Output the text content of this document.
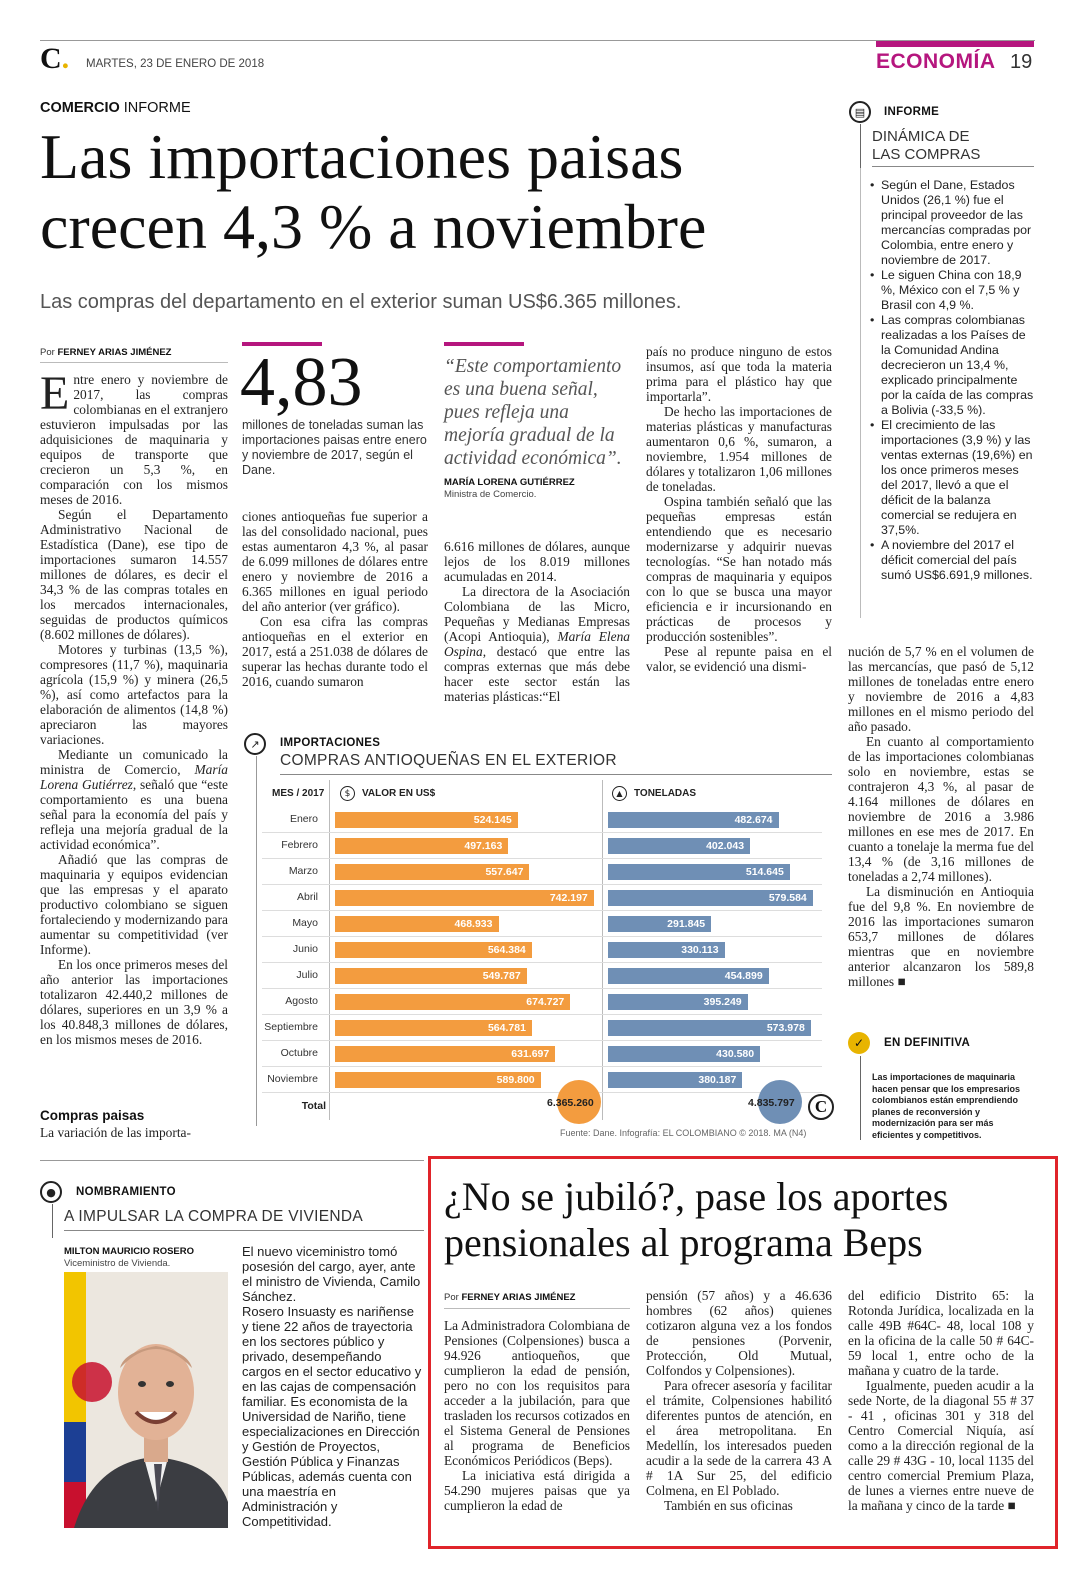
C. MARTES, 23 DE ENERO DE 2018	ECONOMÍA 19
COMERCIO INFORME
Las importaciones paisas
crecen 4,3 % a noviembre
Las compras del departamento en el exterior suman US$6.365 millones.
▤	INFORME
DINÁMICA DE
LAS COMPRAS
• Según el Dane, Estados Unidos (26,1 %) fue el principal proveedor de las mercancías compradas por Colombia, entre enero y noviembre de 2017.
• Le siguen China con 18,9 %, México con el 7,5 % y Brasil con 4,9 %.
• Las compras colombianas realizadas a los Países de la Comunidad Andina decrecieron un 13,4 %, explicado principalmente por la caída de las compras a Bolivia (-33,5 %).
• El crecimiento de las importaciones (3,9 %) y las ventas externas (19,6%) en los once primeros meses del 2017, llevó a que el déficit de la balanza comercial se redujera en 37,5%.
• A noviembre del 2017 el déficit comercial del país sumó US$6.691,9 millones.
Por FERNEY ARIAS JIMÉNEZ

Entre enero y noviembre de 2017, las compras colombianas en el extranjero estuvieron impulsadas por las adquisiciones de maquinaria y equipos de transporte que crecieron un 5,3 %, en comparación con los mismos meses de 2016.

Según el Departamento Administrativo Nacional de Estadística (Dane), ese tipo de importaciones sumaron 14.557 millones de dólares, es decir el 34,3 % de las compras totales en los mercados internacionales, seguidas de productos químicos (8.602 millones de dólares).

Motores y turbinas (13,5 %), compresores (11,7 %), maquinaria agrícola (15,9 %) y minera (26,5 %), así como artefactos para la elaboración de alimentos (14,8 %) apreciaron las mayores variaciones.

Mediante un comunicado la ministra de Comercio, María Lorena Gutiérrez, señaló que “este comportamiento es una buena señal para la economía del país y refleja una mejoría gradual de la actividad económica”.

Añadió que las compras de maquinaria y equipos evidencian que las empresas y el aparato productivo colombiano se siguen fortaleciendo y modernizando para aumentar su competitividad (ver Informe).

En los once primeros meses del año anterior las importaciones totalizaron 42.440,2 millones de dólares, superiores en un 3,9 % a los 40.848,3 millones de dólares, en los mismos meses de 2016.

Compras paisas
La variación de las importa-
4,83
millones de toneladas suman las importaciones paisas entre enero y noviembre de 2017, según el Dane.

ciones antioqueñas fue superior a las del consolidado nacional, pues estas aumentaron 4,3 %, al pasar de 6.099 millones de dólares entre enero y noviembre de 2016 a 6.365 millones en igual periodo del año anterior (ver gráfico).

Con esa cifra las compras antioqueñas en el exterior en 2017, está a 251.038 de dólares de superar las hechas durante todo el 2016, cuando sumaron

“Este comportamiento es una buena señal, pues refleja una mejoría gradual de la actividad económica”.
MARÍA LORENA GUTIÉRREZ
Ministra de Comercio.

6.616 millones de dólares, aunque lejos de los 8.019 millones acumuladas en 2014.

La directora de la Asociación Colombiana de las Micro, Pequeñas y Medianas Empresas (Acopi Antioquia), María Elena Ospina, destacó que entre las compras externas que más debe hacer este sector están las materias plásticas:“El

país no produce ninguno de estos insumos, así que toda la materia prima para el plástico hay que importarla”.

De hecho las importaciones de materias plásticas y manufacturas aumentaron 0,6 %, sumaron, a noviembre, 1.954 millones de dólares y totalizaron 1,06 millones de toneladas.

Ospina también señaló que las pequeñas empresas están entendiendo que es necesario modernizarse y adquirir nuevas tecnologías. “Se han notado más compras de maquinaria y equipos con lo que se busca una mayor eficiencia e ir incursionando en prácticas de procesos y producción sostenibles”.

Pese al repunte paisa en el valor, se evidenció una dismi-

nución de 5,7 % en el volumen de las mercancías, que pasó de 5,12 millones de toneladas entre enero y noviembre de 2016 a 4,83 millones en el mismo periodo del año pasado.

En cuanto al comportamiento de las importaciones colombianas solo en noviembre, estas se contrajeron 4,3 %, al pasar de 4.164 millones de dólares en noviembre de 2016 a 3.986 millones en ese mes de 2017. En cuanto a tonelaje la merma fue del 13,4 % (de 3,16 millones de toneladas a 2,74 millones).

La disminución en Antioquia fue del 9,8 %. En noviembre de 2016 las importaciones sumaron 653,7 millones de dólares mientras que en noviembre anterior alcanzaron los 589,8 millones ■

✓	EN DEFINITIVA
Las importaciones de maquinaria hacen pensar que los empresarios colombianos están emprendiendo planes de reconversión y modernización para ser más eficientes y competitivos.
↗	IMPORTACIONES
COMPRAS ANTIOQUEÑAS EN EL EXTERIOR
MES / 2017	$	VALOR EN US$	▲	TONELADAS
Enero	524.145	482.674
Febrero	497.163	402.043
Marzo	557.647	514.645
Abril	742.197	579.584
Mayo	468.933	291.845
Junio	564.384	330.113
Julio	549.787	454.899
Agosto	674.727	395.249
Septiembre	564.781	573.978
Octubre	631.697	430.580
Noviembre	589.800	380.187
Total	6.365.260	4.835.797	C
Fuente: Dane. Infografía: EL COLOMBIANO © 2018. MA (N4)
●	NOMBRAMIENTO
A IMPULSAR LA COMPRA DE VIVIENDA
MILTON MAURICIO ROSERO
Viceministro de Vivienda.
El nuevo viceministro tomó posesión del cargo, ayer, ante el ministro de Vivienda, Camilo Sánchez.
Rosero Insuasty es nariñense y tiene 22 años de trayectoria en los sectores público y privado, desempeñando cargos en el sector educativo y en las cajas de compensación familiar. Es economista de la Universidad de Nariño, tiene especializaciones en Dirección y Gestión de Proyectos, Gestión Pública y Finanzas Públicas, además cuenta con una maestría en Administración y Competitividad.
¿No se jubiló?, pase los aportes
pensionales al programa Beps
Por FERNEY ARIAS JIMÉNEZ

La Administradora Colombiana de Pensiones (Colpensiones) busca a 94.926 antioqueños, que cumplieron la edad de pensión, pero no con los requisitos para acceder a la jubilación, para que trasladen los recursos cotizados en el Sistema General de Pensiones al programa de Beneficios Económicos Periódicos (Beps).

La iniciativa está dirigida a 54.290 mujeres paisas que ya cumplieron la edad de

pensión (57 años) y a 46.636 hombres (62 años) quienes cotizaron alguna vez a los fondos de pensiones (Porvenir, Protección, Old Mutual, Colfondos y Colpensiones).

Para ofrecer asesoría y facilitar el trámite, Colpensiones habilitó diferentes puntos de atención, en el área metropolitana. En Medellín, los interesados pueden acudir a la sede de la carrera 43 A # 1A Sur 25, del edificio Colmena, en El Poblado.

También en sus oficinas

del edificio Distrito 65: la Rotonda Jurídica, localizada en la calle 49B #64C- 48, local 108 y en la oficina de la calle 50 # 64C-59 local 1, entre ocho de la mañana y cuatro de la tarde.

Igualmente, pueden acudir a la sede Norte, de la diagonal 55 # 37 - 41 , oficinas 301 y 318 del Centro Comercial Niquía, así como a la dirección regional de la calle 29 # 43G - 10, local 1135 del centro comercial Premium Plaza, de lunes a viernes entre nueve de la mañana y cinco de la tarde ■
